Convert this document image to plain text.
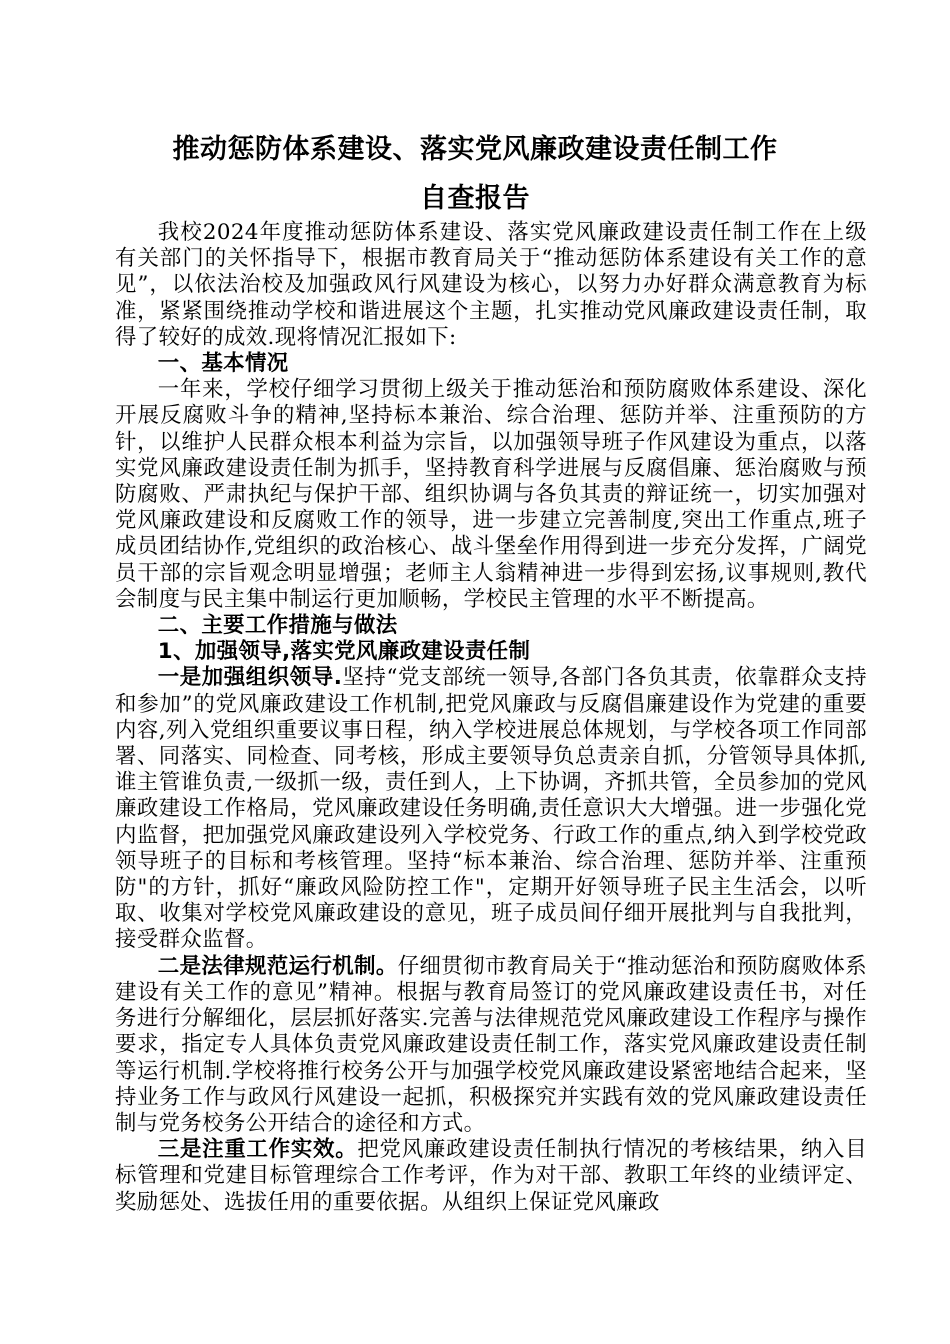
推动惩防体系建设、落实党风廉政建设责任制工作
自查报告

我校2024年度推动惩防体系建设、落实党风廉政建设责任制工作在上级有关部门的关怀指导下，根据市教育局关于“推动惩防体系建设有关工作的意见”，以依法治校及加强政风行风建设为核心，以努力办好群众满意教育为标准，紧紧围绕推动学校和谐进展这个主题，扎实推动党风廉政建设责任制，取得了较好的成效.现将情况汇报如下:

一、基本情况

一年来，学校仔细学习贯彻上级关于推动惩治和预防腐败体系建设、深化开展反腐败斗争的精神,坚持标本兼治、综合治理、惩防并举、注重预防的方针，以维护人民群众根本利益为宗旨，以加强领导班子作风建设为重点，以落实党风廉政建设责任制为抓手，坚持教育科学进展与反腐倡廉、惩治腐败与预防腐败、严肃执纪与保护干部、组织协调与各负其责的辩证统一，切实加强对党风廉政建设和反腐败工作的领导，进一步建立完善制度,突出工作重点,班子成员团结协作,党组织的政治核心、战斗堡垒作用得到进一步充分发挥，广阔党员干部的宗旨观念明显增强；老师主人翁精神进一步得到宏扬,议事规则,教代会制度与民主集中制运行更加顺畅，学校民主管理的水平不断提高。

二、主要工作措施与做法
1、加强领导,落实党风廉政建设责任制

一是加强组织领导.坚持“党支部统一领导,各部门各负其责，依靠群众支持和参加”的党风廉政建设工作机制,把党风廉政与反腐倡廉建设作为党建的重要内容,列入党组织重要议事日程，纳入学校进展总体规划，与学校各项工作同部署、同落实、同检查、同考核，形成主要领导负总责亲自抓，分管领导具体抓,谁主管谁负责,一级抓一级，责任到人，上下协调，齐抓共管，全员参加的党风廉政建设工作格局，党风廉政建设任务明确,责任意识大大增强。进一步强化党内监督，把加强党风廉政建设列入学校党务、行政工作的重点,纳入到学校党政领导班子的目标和考核管理。坚持“标本兼治、综合治理、惩防并举、注重预防"的方针，抓好“廉政风险防控工作"，定期开好领导班子民主生活会，以听取、收集对学校党风廉政建设的意见，班子成员间仔细开展批判与自我批判，接受群众监督。

二是法律规范运行机制。仔细贯彻市教育局关于“推动惩治和预防腐败体系建设有关工作的意见”精神。根据与教育局签订的党风廉政建设责任书，对任务进行分解细化，层层抓好落实.完善与法律规范党风廉政建设工作程序与操作要求，指定专人具体负责党风廉政建设责任制工作，落实党风廉政建设责任制等运行机制.学校将推行校务公开与加强学校党风廉政建设紧密地结合起来，坚持业务工作与政风行风建设一起抓，积极探究并实践有效的党风廉政建设责任制与党务校务公开结合的途径和方式。

三是注重工作实效。把党风廉政建设责任制执行情况的考核结果，纳入目标管理和党建目标管理综合工作考评，作为对干部、教职工年终的业绩评定、奖励惩处、选拔任用的重要依据。从组织上保证党风廉政
